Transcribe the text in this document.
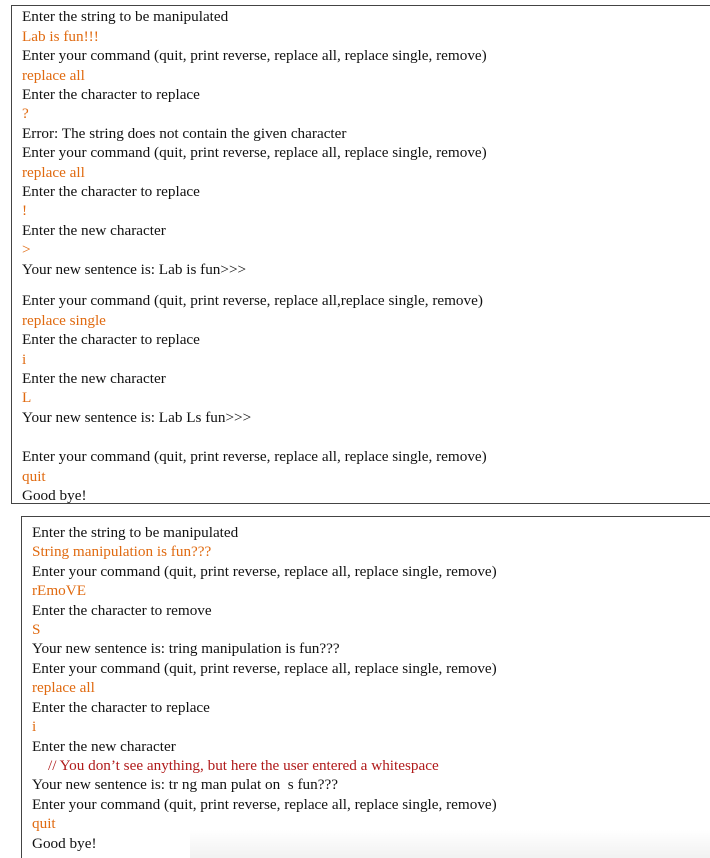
Enter the string to be manipulated
Lab is fun!!!
Enter your command (quit, print reverse, replace all, replace single, remove)
replace all
Enter the character to replace
?
Error: The string does not contain the given character
Enter your command (quit, print reverse, replace all, replace single, remove)
replace all
Enter the character to replace
!
Enter the new character
>
Your new sentence is: Lab is fun>>>
Enter your command (quit, print reverse, replace all,replace single, remove)
replace single
Enter the character to replace
i
Enter the new character
L
Your new sentence is: Lab Ls fun>>>
Enter your command (quit, print reverse, replace all, replace single, remove)
quit
Good bye!
Enter the string to be manipulated
String manipulation is fun???
Enter your command (quit, print reverse, replace all, replace single, remove)
rEmoVE
Enter the character to remove
S
Your new sentence is: tring manipulation is fun???
Enter your command (quit, print reverse, replace all, replace single, remove)
replace all
Enter the character to replace
i
Enter the new character
// You don’t see anything, but here the user entered a whitespace
Your new sentence is: tr ng man pulat on  s fun???
Enter your command (quit, print reverse, replace all, replace single, remove)
quit
Good bye!
